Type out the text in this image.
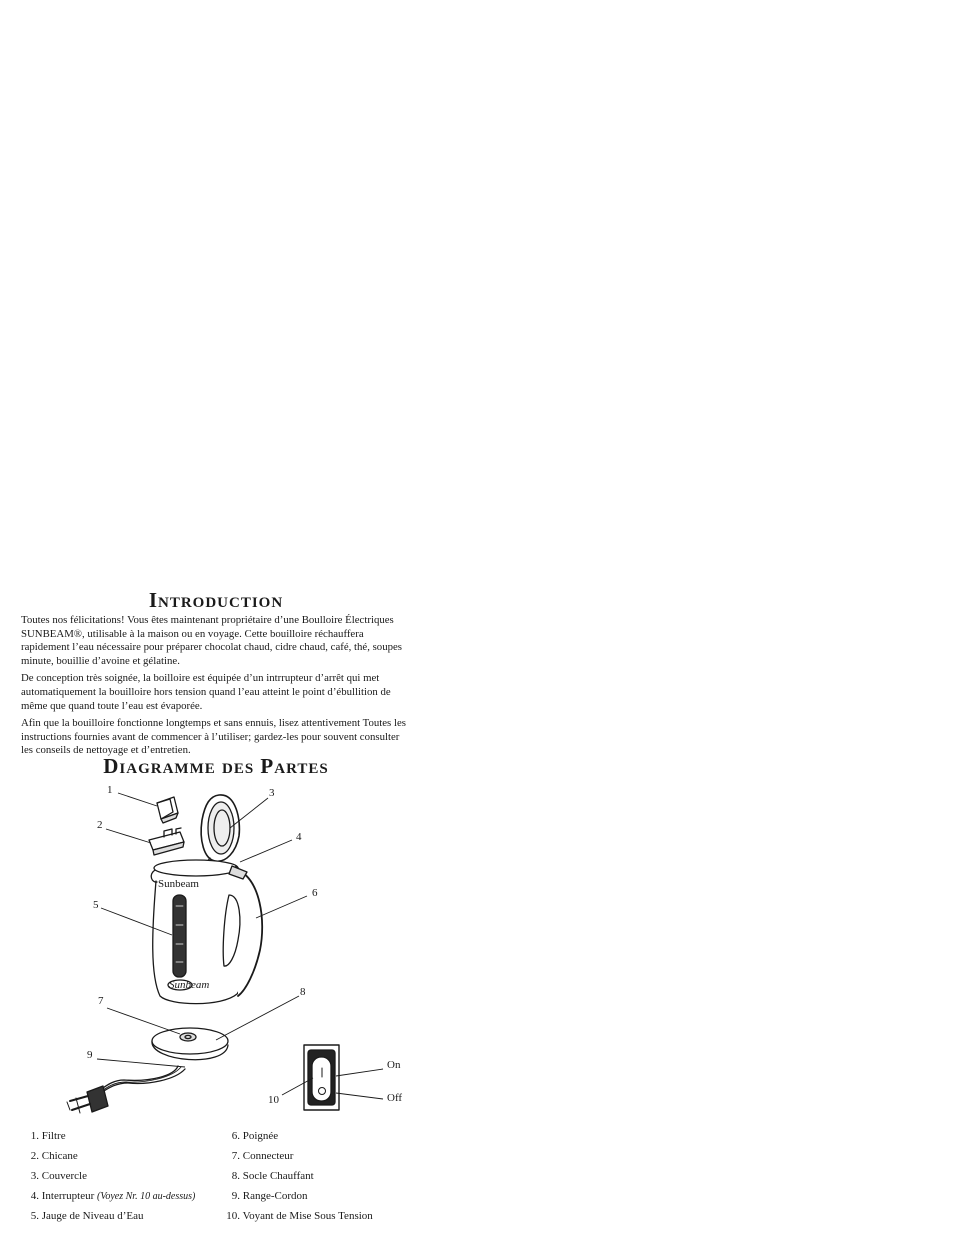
Introduction

Toutes nos félicitations! Vous êtes maintenant propriétaire d’une Boulloire Électriques SUNBEAM®, utilisable à la maison ou en voyage. Cette bouilloire réchauffera rapidement l’eau nécessaire pour préparer chocolat chaud, cidre chaud, café, thé, soupes minute, bouillie d’avoine et gélatine.

De conception très soignée, la boilloire est équipée d’un intrrupteur d’arrêt qui met automatiquement la bouilloire hors tension quand l’eau atteint le point d’ébullition de même que quand toute l’eau est évaporée.

Afin que la bouilloire fonctionne longtemps et sans ennuis, lisez attentivement Toutes les instructions fournies avant de commencer à l’utiliser; gardez-les pour souvent consulter les conseils de nettoyage et d’entretien.

Diagramme des Partes
Sunbeam
Sunbeam
1
2
3
4
5
6
7
8
9
10
On
Off
1. Filtre
2. Chicane
3. Couvercle
4. Interrupteur (Voyez Nr. 10 au-dessus)
5. Jauge de Niveau d’Eau
6. Poignée
7. Connecteur
8. Socle Chauffant
9. Range-Cordon
10. Voyant de Mise Sous Tension
